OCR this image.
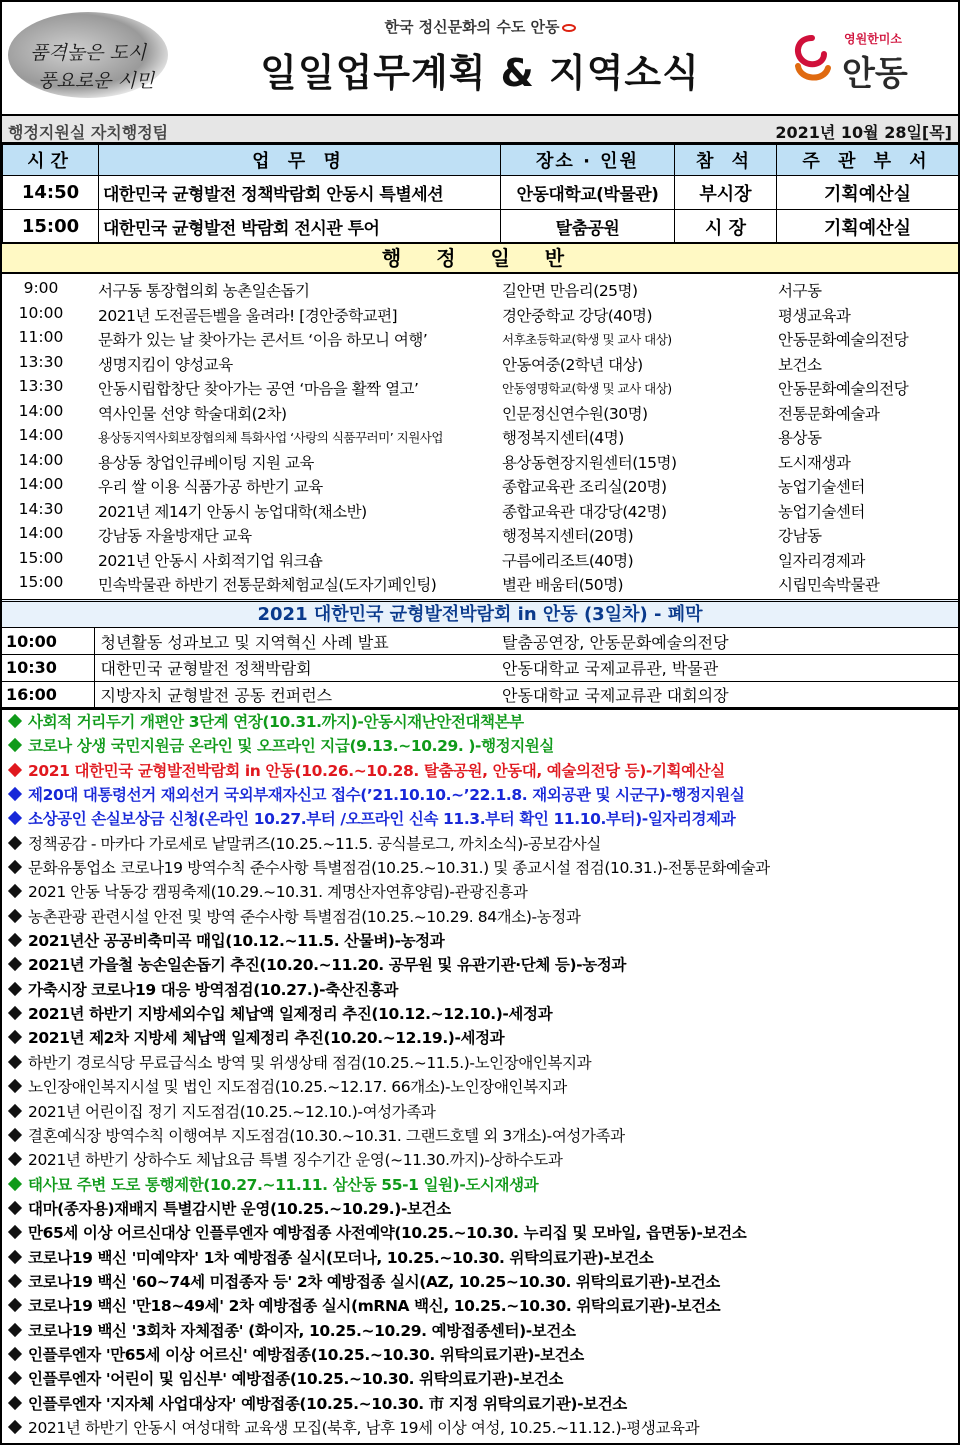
품격높은 도시
풍요로운 시민
한국 정신문화의 수도 안동
일일업무계획 & 지역소식
영원한미소
안동
행정지원실 자치행정팀	2021년 10월 28일[목]
시간	업 무 명	장소 · 인원	참 석	주 관 부 서
14:50	대한민국 균형발전 정책박람회 안동시 특별세션	안동대학교(박물관)	부시장	기획예산실
15:00	대한민국 균형발전 박람회 전시관 투어	탈춤공원	시 장	기획예산실
행 정 일 반
9:00	서구동 통장협의회 농촌일손돕기	길안면 만음리(25명)	서구동
10:00	2021년 도전골든벨을 울려라! [경안중학교편]	경안중학교 강당(40명)	평생교육과
11:00	문화가 있는 날 찾아가는 콘서트 ‘이음 하모니 여행’	서후초등학교(학생 및 교사 대상)	안동문화예술의전당
13:30	생명지킴이 양성교육	안동여중(2학년 대상)	보건소
13:30	안동시립합창단 찾아가는 공연 ‘마음을 활짝 열고’	안동영명학교(학생 및 교사 대상)	안동문화예술의전당
14:00	역사인물 선양 학술대회(2차)	인문정신연수원(30명)	전통문화예술과
14:00	용상동지역사회보장협의체 특화사업 ‘사랑의 식품꾸러미’ 지원사업	행정복지센터(4명)	용상동
14:00	용상동 창업인큐베이팅 지원 교육	용상동현장지원센터(15명)	도시재생과
14:00	우리 쌀 이용 식품가공 하반기 교육	종합교육관 조리실(20명)	농업기술센터
14:30	2021년 제14기 안동시 농업대학(채소반)	종합교육관 대강당(42명)	농업기술센터
14:00	강남동 자율방재단 교육	행정복지센터(20명)	강남동
15:00	2021년 안동시 사회적기업 워크숍	구름에리조트(40명)	일자리경제과
15:00	민속박물관 하반기 전통문화체험교실(도자기페인팅)	별관 배움터(50명)	시립민속박물관
2021 대한민국 균형발전박람회 in 안동 (3일차) - 폐막
10:00	청년활동 성과보고 및 지역혁신 사례 발표	탈춤공연장, 안동문화예술의전당
10:30	대한민국 균형발전 정책박람회	안동대학교 국제교류관, 박물관
16:00	지방자치 균형발전 공동 컨퍼런스	안동대학교 국제교류관 대회의장
사회적 거리두기 개편안 3단계 연장(10.31.까지)-안동시재난안전대책본부
코로나 상생 국민지원금 온라인 및 오프라인 지급(9.13.~10.29. )-행정지원실
2021 대한민국 균형발전박람회 in 안동(10.26.~10.28. 탈춤공원, 안동대, 예술의전당 등)-기획예산실
제20대 대통령선거 재외선거 국외부재자신고 접수(’21.10.10.~’22.1.8. 재외공관 및 시군구)-행정지원실
소상공인 손실보상금 신청(온라인 10.27.부터 /오프라인 신속 11.3.부터 확인 11.10.부터)-일자리경제과
정책공감 - 마카다 가로세로 낱말퀴즈(10.25.~11.5. 공식블로그, 까치소식)-공보감사실
문화유통업소 코로나19 방역수칙 준수사항 특별점검(10.25.~10.31.) 및 종교시설 점검(10.31.)-전통문화예술과
2021 안동 낙동강 캠핑축제(10.29.~10.31. 계명산자연휴양림)-관광진흥과
농촌관광 관련시설 안전 및 방역 준수사항 특별점검(10.25.~10.29. 84개소)-농정과
2021년산 공공비축미곡 매입(10.12.~11.5. 산물벼)-농정과
2021년 가을철 농손일손돕기 추진(10.20.~11.20. 공무원 및 유관기관·단체 등)-농정과
가축시장 코로나19 대응 방역점검(10.27.)-축산진흥과
2021년 하반기 지방세외수입 체납액 일제정리 추진(10.12.~12.10.)-세정과
2021년 제2차 지방세 체납액 일제정리 추진(10.20.~12.19.)-세정과
하반기 경로식당 무료급식소 방역 및 위생상태 점검(10.25.~11.5.)-노인장애인복지과
노인장애인복지시설 및 법인 지도점검(10.25.~12.17. 66개소)-노인장애인복지과
2021년 어린이집 정기 지도점검(10.25.~12.10.)-여성가족과
결혼예식장 방역수칙 이행여부 지도점검(10.30.~10.31. 그랜드호텔 외 3개소)-여성가족과
2021년 하반기 상하수도 체납요금 특별 징수기간 운영(~11.30.까지)-상하수도과
태사묘 주변 도로 통행제한(10.27.~11.11. 삼산동 55-1 일원)-도시재생과
대마(종자용)재배지 특별감시반 운영(10.25.~10.29.)-보건소
만65세 이상 어르신대상 인플루엔자 예방접종 사전예약(10.25.~10.30. 누리집 및 모바일, 읍면동)-보건소
코로나19 백신 '미예약자' 1차 예방접종 실시(모더나, 10.25.~10.30. 위탁의료기관)-보건소
코로나19 백신 '60~74세 미접종자 등' 2차 예방접종 실시(AZ, 10.25~10.30. 위탁의료기관)-보건소
코로나19 백신 '만18~49세' 2차 예방접종 실시(mRNA 백신, 10.25.~10.30. 위탁의료기관)-보건소
코로나19 백신 '3회차 자체접종' (화이자, 10.25.~10.29. 예방접종센터)-보건소
인플루엔자 '만65세 이상 어르신' 예방접종(10.25.~10.30. 위탁의료기관)-보건소
인플루엔자 '어린이 및 임신부' 예방접종(10.25.~10.30. 위탁의료기관)-보건소
인플루엔자 '지자체 사업대상자' 예방접종(10.25.~10.30. 市 지정 위탁의료기관)-보건소
2021년 하반기 안동시 여성대학 교육생 모집(북후, 남후 19세 이상 여성, 10.25.~11.12.)-평생교육과
